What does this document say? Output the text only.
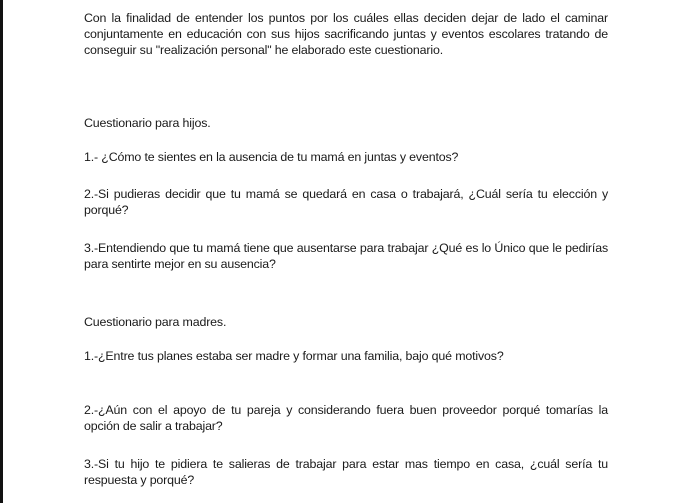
Con la finalidad de entender los puntos por los cuáles ellas deciden dejar de lado el caminar conjuntamente en educación con sus hijos sacrificando juntas y eventos escolares tratando de conseguir su "realización personal" he elaborado este cuestionario.

Cuestionario para hijos.

1.- ¿Cómo te sientes en la ausencia de tu mamá en juntas y eventos?

2.-Si pudieras decidir que tu mamá se quedará en casa o trabajará, ¿Cuál sería tu elección y porqué?

3.-Entendiendo que tu mamá tiene que ausentarse para trabajar ¿Qué es lo Único que le pedirías para sentirte mejor en su ausencia?

Cuestionario para madres.

1.-¿Entre tus planes estaba ser madre y formar una familia, bajo qué motivos?

2.-¿Aún con el apoyo de tu pareja y considerando fuera buen proveedor porqué tomarías la opción de salir a trabajar?

3.-Si tu hijo te pidiera te salieras de trabajar para estar mas tiempo en casa, ¿cuál sería tu respuesta y porqué?
